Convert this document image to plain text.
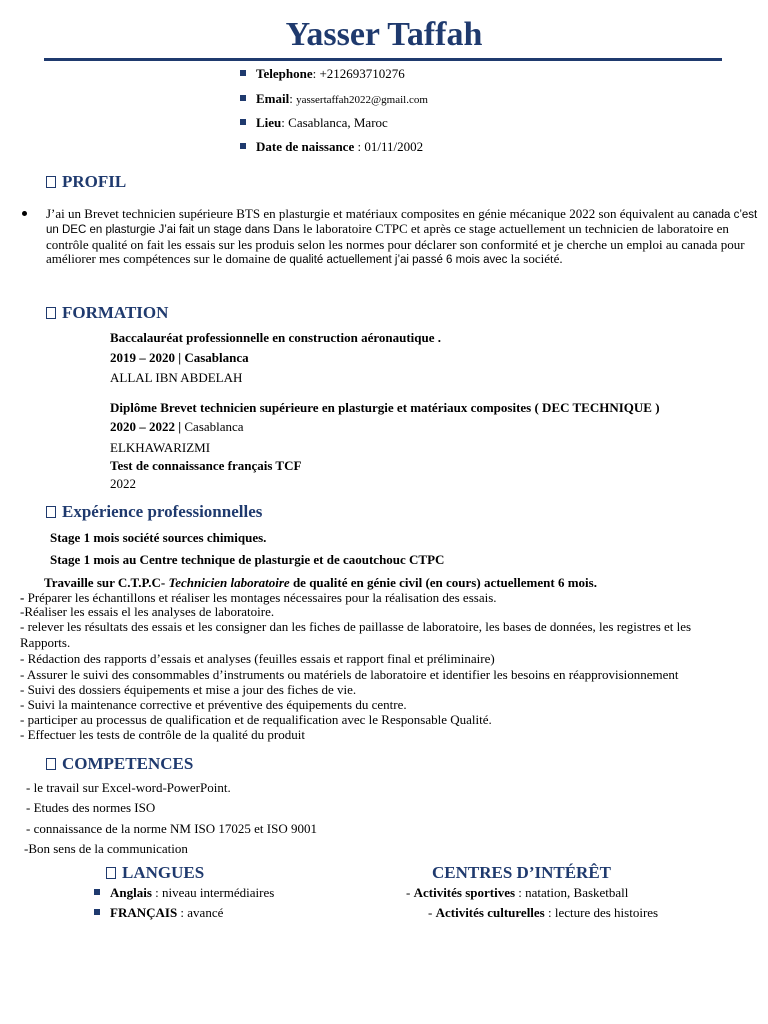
Yasser Taffah
Telephone: +212693710276
Email: yassertaffah2022@gmail.com
Lieu: Casablanca, Maroc
Date de naissance : 01/11/2002
PROFIL
J’ai un Brevet technicien supérieure BTS en plasturgie et matériaux composites en génie mécanique 2022 son équivalent au canada c’est un DEC en plasturgie J’ai fait un stage dans Dans le laboratoire CTPC et après ce stage actuellement un technicien de laboratoire en contrôle qualité on fait les essais sur les produis selon les normes pour déclarer son conformité et je cherche un emploi au canada pour améliorer mes compétences sur le domaine de qualité actuellement j’ai passé 6 mois avec la société.
FORMATION
Baccalauréat professionnelle en construction aéronautique .
2019 – 2020 | Casablanca
ALLAL IBN ABDELAH
Diplôme Brevet technicien supérieure en plasturgie et matériaux composites ( DEC TECHNIQUE )
2020 – 2022 | Casablanca
ELKHAWARIZMI
Test de connaissance français TCF
2022
Expérience professionnelles
Stage 1 mois société sources chimiques.
Stage 1 mois au Centre technique de plasturgie et de caoutchouc CTPC
Travaille sur C.T.P.C- Technicien laboratoire de qualité en génie civil (en cours) actuellement 6 mois.
- Préparer les échantillons et réaliser les montages nécessaires pour la réalisation des essais.
-Réaliser les essais el les analyses de laboratoire.
- relever les résultats des essais et les consigner dan les fiches de paillasse de laboratoire, les bases de données, les registres et les
Rapports.
- Rédaction des rapports d’essais et analyses (feuilles essais et rapport final et préliminaire)
- Assurer le suivi des consommables d’instruments ou matériels de laboratoire et identifier les besoins en réapprovisionnement
- Suivi des dossiers équipements et mise a jour des fiches de vie.
- Suivi la maintenance corrective et préventive des équipements du centre.
- participer au processus de qualification et de requalification avec le Responsable Qualité.
- Effectuer les tests de contrôle de la qualité du produit
COMPETENCES
- le travail sur Excel-word-PowerPoint.
- Etudes des normes ISO
- connaissance de la norme NM ISO 17025 et ISO 9001
-Bon sens de la communication
LANGUES
Anglais : niveau intermédiaires
FRANÇAIS : avancé
CENTRES D’INTÉRÊT
- Activités sportives : natation, Basketball
- Activités culturelles : lecture des histoires
